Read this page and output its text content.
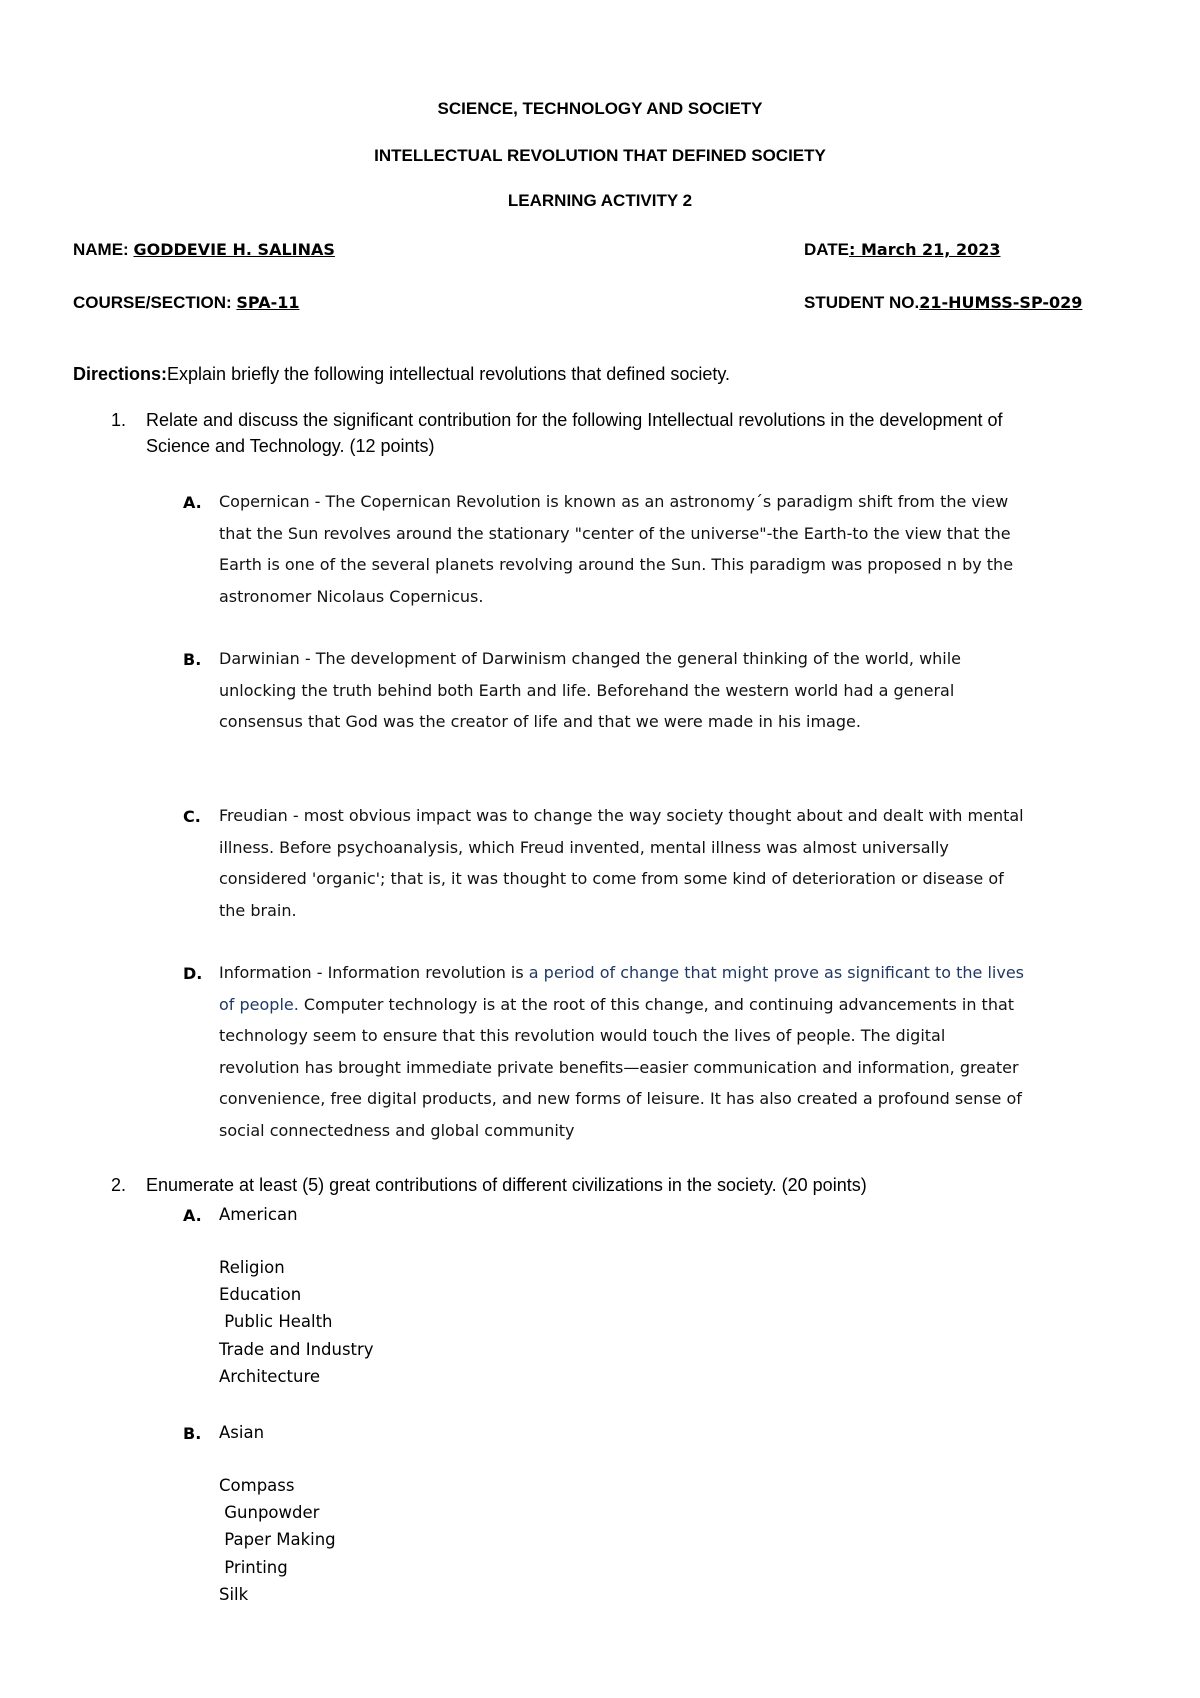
SCIENCE, TECHNOLOGY AND SOCIETY
INTELLECTUAL REVOLUTION THAT DEFINED SOCIETY
LEARNING ACTIVITY 2
NAME: GODDEVIE H. SALINAS	DATE: March 21, 2023
COURSE/SECTION: SPA-11	STUDENT NO.21-HUMSS-SP-029
Directions:Explain briefly the following intellectual revolutions that defined society.
1. Relate and discuss the significant contribution for the following Intellectual revolutions in the development of
Science and Technology. (12 points)
A. Copernican - The Copernican Revolution is known as an astronomy´s paradigm shift from the view
that the Sun revolves around the stationary "center of the universe"-the Earth-to the view that the
Earth is one of the several planets revolving around the Sun. This paradigm was proposed n by the
astronomer Nicolaus Copernicus.
B. Darwinian - The development of Darwinism changed the general thinking of the world, while
unlocking the truth behind both Earth and life. Beforehand the western world had a general
consensus that God was the creator of life and that we were made in his image.
C. Freudian - most obvious impact was to change the way society thought about and dealt with mental
illness. Before psychoanalysis, which Freud invented, mental illness was almost universally
considered 'organic'; that is, it was thought to come from some kind of deterioration or disease of
the brain.
D. Information - Information revolution is a period of change that might prove as significant to the lives
of people. Computer technology is at the root of this change, and continuing advancements in that
technology seem to ensure that this revolution would touch the lives of people. The digital
revolution has brought immediate private benefits—easier communication and information, greater
convenience, free digital products, and new forms of leisure. It has also created a profound sense of
social connectedness and global community
2. Enumerate at least (5) great contributions of different civilizations in the society. (20 points)
A. American
Religion
Education
Public Health
Trade and Industry
Architecture
B. Asian
Compass
Gunpowder
Paper Making
Printing
Silk
